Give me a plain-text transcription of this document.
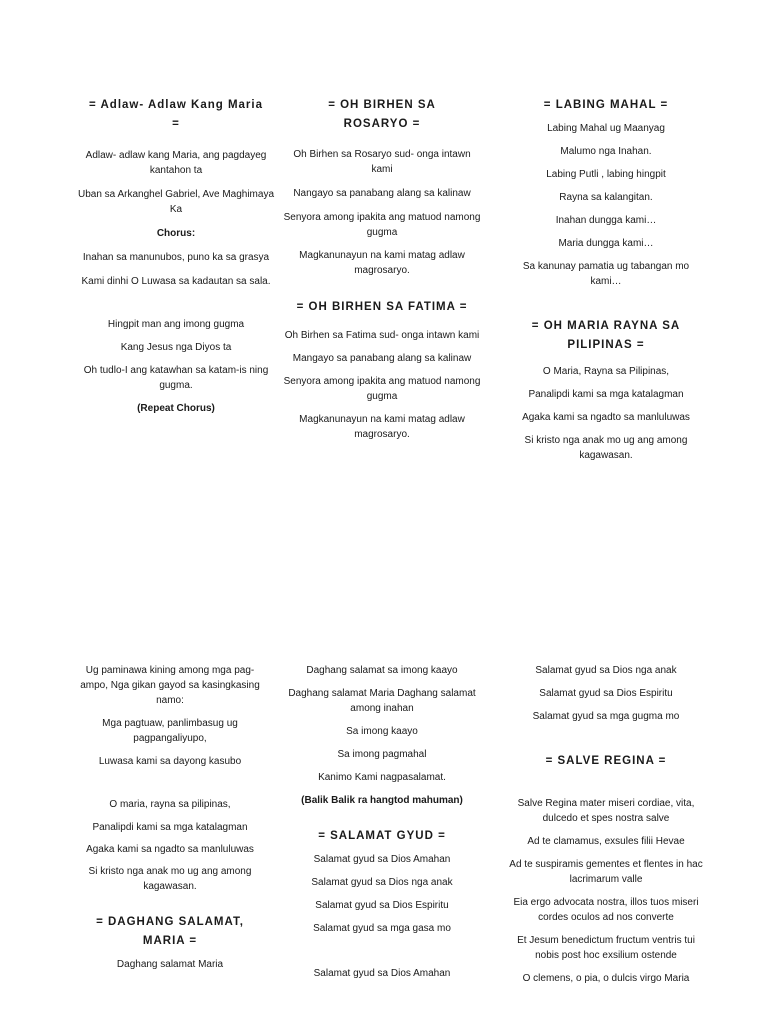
= Adlaw- Adlaw Kang Maria =

Adlaw- adlaw kang Maria, ang pagdayeg kantahon ta

Uban sa Arkanghel Gabriel, Ave Maghimaya Ka

Chorus:

Inahan sa manunubos, puno ka sa grasya

Kami dinhi O Luwasa sa kadautan sa sala.

Hingpit man ang imong gugma

Kang Jesus nga Diyos ta

Oh tudlo-I ang katawhan sa katam-is ning gugma.

(Repeat Chorus)
= OH BIRHEN SA ROSARYO =

Oh Birhen sa Rosaryo sud- onga intawn kami

Nangayo sa panabang alang sa kalinaw

Senyora among ipakita ang matuod namong gugma

Magkanunayun na kami matag adlaw magrosaryo.

= OH BIRHEN SA FATIMA =

Oh Birhen sa Fatima sud- onga intawn kami

Mangayo sa panabang alang sa kalinaw

Senyora among ipakita ang matuod namong gugma

Magkanunayun na kami matag adlaw magrosaryo.

= LABING MAHAL =

Labing Mahal ug Maanyag

Malumo nga Inahan.

Labing Putli , labing hingpit

Rayna sa kalangitan.

Inahan dungga kami…

Maria dungga kami…

Sa kanunay pamatia ug tabangan mo kami…

= OH MARIA RAYNA SA PILIPINAS =

O Maria, Rayna sa Pilipinas,

Panalipdi kami sa mga katalagman

Agaka kami sa ngadto sa manluluwas

Si kristo nga anak mo ug ang among kagawasan.

Ug paminawa kining among mga pag-ampo, Nga gikan gayod sa kasingkasing namo:

Mga pagtuaw, panlimbasug ug pagpangaliyupo,

Luwasa kami sa dayong kasubo

O maria, rayna sa pilipinas,

Panalipdi kami sa mga katalagman

Agaka kami sa ngadto sa manluluwas

Si kristo nga anak mo ug ang among kagawasan.

= DAGHANG SALAMAT, MARIA =

Daghang salamat Maria

Daghang salamat sa imong kaayo

Daghang salamat Maria Daghang salamat among inahan

Sa imong kaayo

Sa imong pagmahal

Kanimo Kami nagpasalamat.

(Balik Balik ra hangtod mahuman)
= SALAMAT GYUD =

Salamat gyud sa Dios Amahan

Salamat gyud sa Dios nga anak

Salamat gyud sa Dios Espiritu

Salamat gyud sa mga gasa mo

Salamat gyud sa Dios Amahan

Salamat gyud sa Dios nga anak

Salamat gyud sa Dios Espiritu

Salamat gyud sa mga gugma mo

= SALVE REGINA =

Salve Regina mater miseri cordiae, vita, dulcedo et spes nostra salve

Ad te clamamus, exsules filii Hevae

Ad te suspiramis gementes et flentes in hac lacrimarum valle

Eia ergo advocata nostra, illos tuos miseri cordes oculos ad nos converte

Et Jesum benedictum fructum ventris tui nobis post hoc exsilium ostende

O clemens, o pia, o dulcis virgo Maria
